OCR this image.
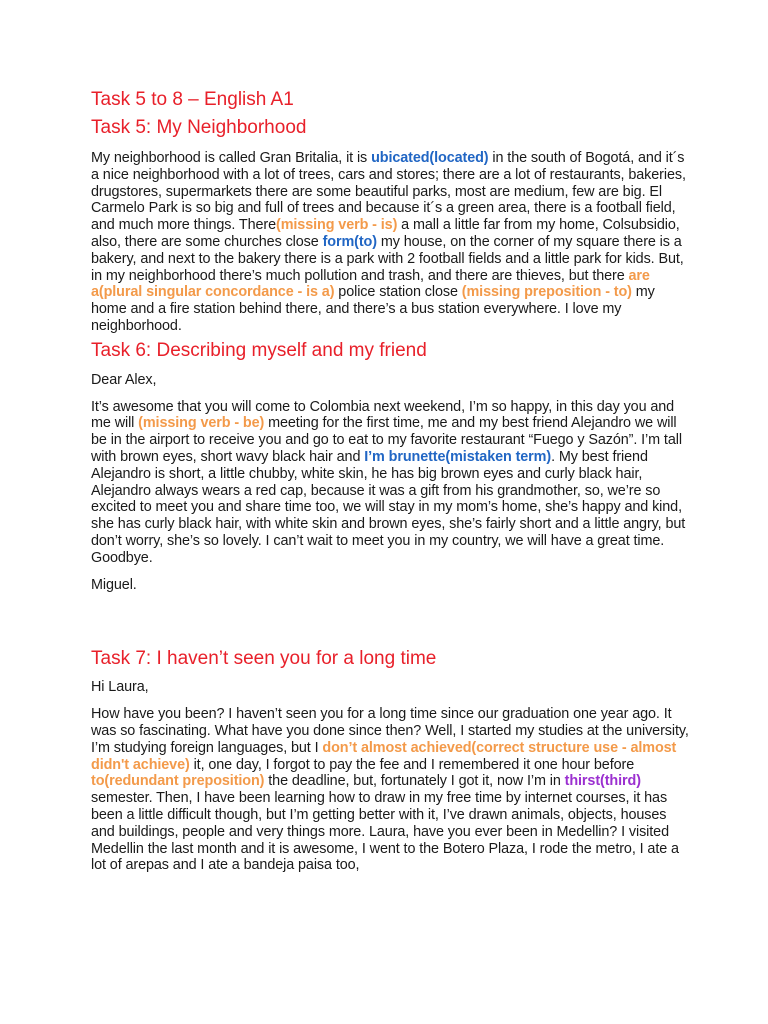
Task 5 to 8 – English A1
Task 5: My Neighborhood

My neighborhood is called Gran Britalia, it is ubicated(located) in the south of Bogotá, and it´s a nice neighborhood with a lot of trees, cars and stores; there are a lot of restaurants, bakeries, drugstores, supermarkets there are some beautiful parks, most are medium, few are big. El Carmelo Park is so big and full of trees and because it´s a green area, there is a football field, and much more things. There(missing verb - is) a mall a little far from my home, Colsubsidio, also, there are some churches close form(to) my house, on the corner of my square there is a bakery, and next to the bakery there is a park with 2 football fields and a little park for kids. But, in my neighborhood there’s much pollution and trash, and there are thieves, but there are a(plural singular concordance - is a) police station close (missing preposition - to) my home and a fire station behind there, and there’s a bus station everywhere. I love my neighborhood.

Task 6: Describing myself and my friend

Dear Alex,

It’s awesome that you will come to Colombia next weekend, I’m so happy, in this day you and me will (missing verb - be) meeting for the first time, me and my best friend Alejandro we will be in the airport to receive you and go to eat to my favorite restaurant “Fuego y Sazón”. I’m tall with brown eyes, short wavy black hair and I’m brunette(mistaken term). My best friend Alejandro is short, a little chubby, white skin, he has big brown eyes and curly black hair, Alejandro always wears a red cap, because it was a gift from his grandmother, so, we’re so excited to meet you and share time too, we will stay in my mom’s home, she’s happy and kind, she has curly black hair, with white skin and brown eyes, she’s fairly short and a little angry, but don’t worry, she’s so lovely. I can’t wait to meet you in my country, we will have a great time. Goodbye.

Miguel.

Task 7: I haven’t seen you for a long time

Hi Laura,

How have you been? I haven’t seen you for a long time since our graduation one year ago. It was so fascinating. What have you done since then? Well, I started my studies at the university, I’m studying foreign languages, but I don’t almost achieved(correct structure use - almost didn't achieve) it, one day, I forgot to pay the fee and I remembered it one hour before to(redundant preposition) the deadline, but, fortunately I got it, now I’m in thirst(third) semester. Then, I have been learning how to draw in my free time by internet courses, it has been a little difficult though, but I’m getting better with it, I’ve drawn animals, objects, houses and buildings, people and very things more. Laura, have you ever been in Medellin? I visited Medellin the last month and it is awesome, I went to the Botero Plaza, I rode the metro, I ate a lot of arepas and I ate a bandeja paisa too,
